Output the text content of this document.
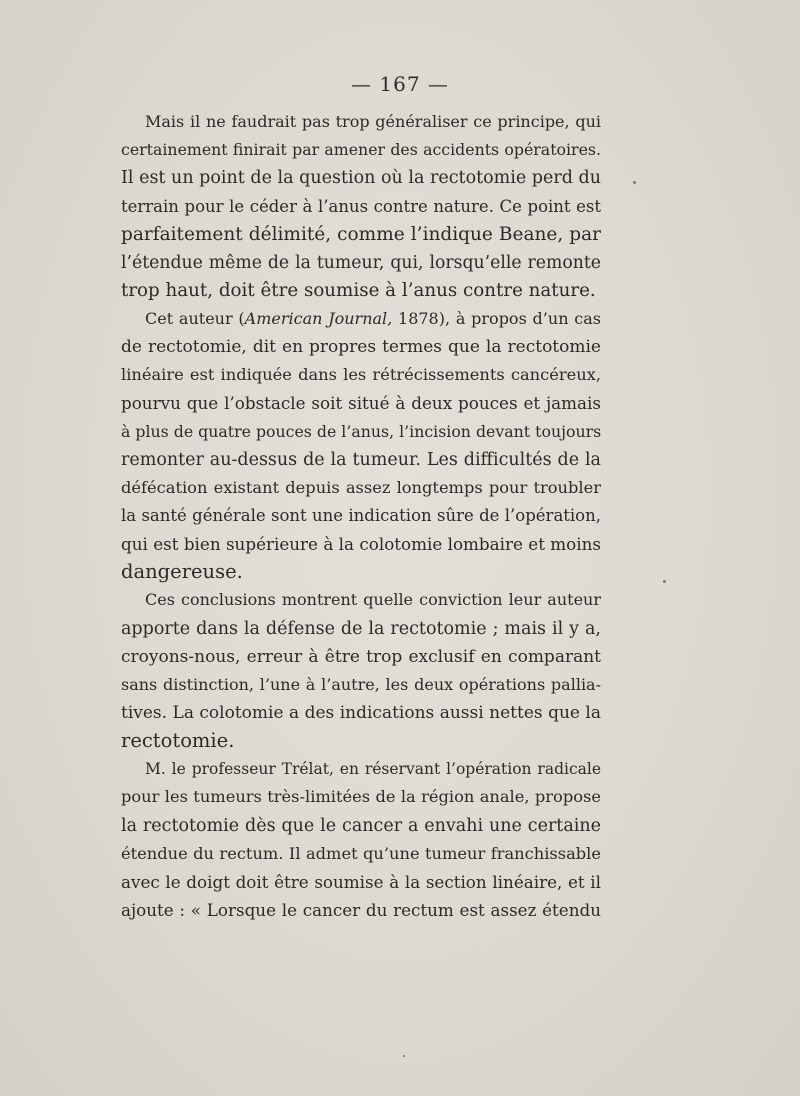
— 167 —
Mais il ne faudrait pas trop généraliser ce principe, qui
certainement finirait par amener des accidents opératoires.
Il est un point de la question où la rectotomie perd du
terrain pour le céder à l’anus contre nature. Ce point est
parfaitement délimité, comme l’indique Beane, par
l’étendue même de la tumeur, qui, lorsqu’elle remonte
trop haut, doit être soumise à l’anus contre nature.
Cet auteur (American Journal, 1878), à propos d’un cas
de rectotomie, dit en propres termes que la rectotomie
linéaire est indiquée dans les rétrécissements cancéreux,
pourvu que l’obstacle soit situé à deux pouces et jamais
à plus de quatre pouces de l’anus, l’incision devant toujours
remonter au-dessus de la tumeur. Les difficultés de la
défécation existant depuis assez longtemps pour troubler
la santé générale sont une indication sûre de l’opération,
qui est bien supérieure à la colotomie lombaire et moins
dangereuse.
Ces conclusions montrent quelle conviction leur auteur
apporte dans la défense de la rectotomie ; mais il y a,
croyons-nous, erreur à être trop exclusif en comparant
sans distinction, l’une à l’autre, les deux opérations pallia-
tives. La colotomie a des indications aussi nettes que la
rectotomie.
M. le professeur Trélat, en réservant l’opération radicale
pour les tumeurs très-limitées de la région anale, propose
la rectotomie dès que le cancer a envahi une certaine
étendue du rectum. Il admet qu’une tumeur franchissable
avec le doigt doit être soumise à la section linéaire, et il
ajoute : « Lorsque le cancer du rectum est assez étendu
